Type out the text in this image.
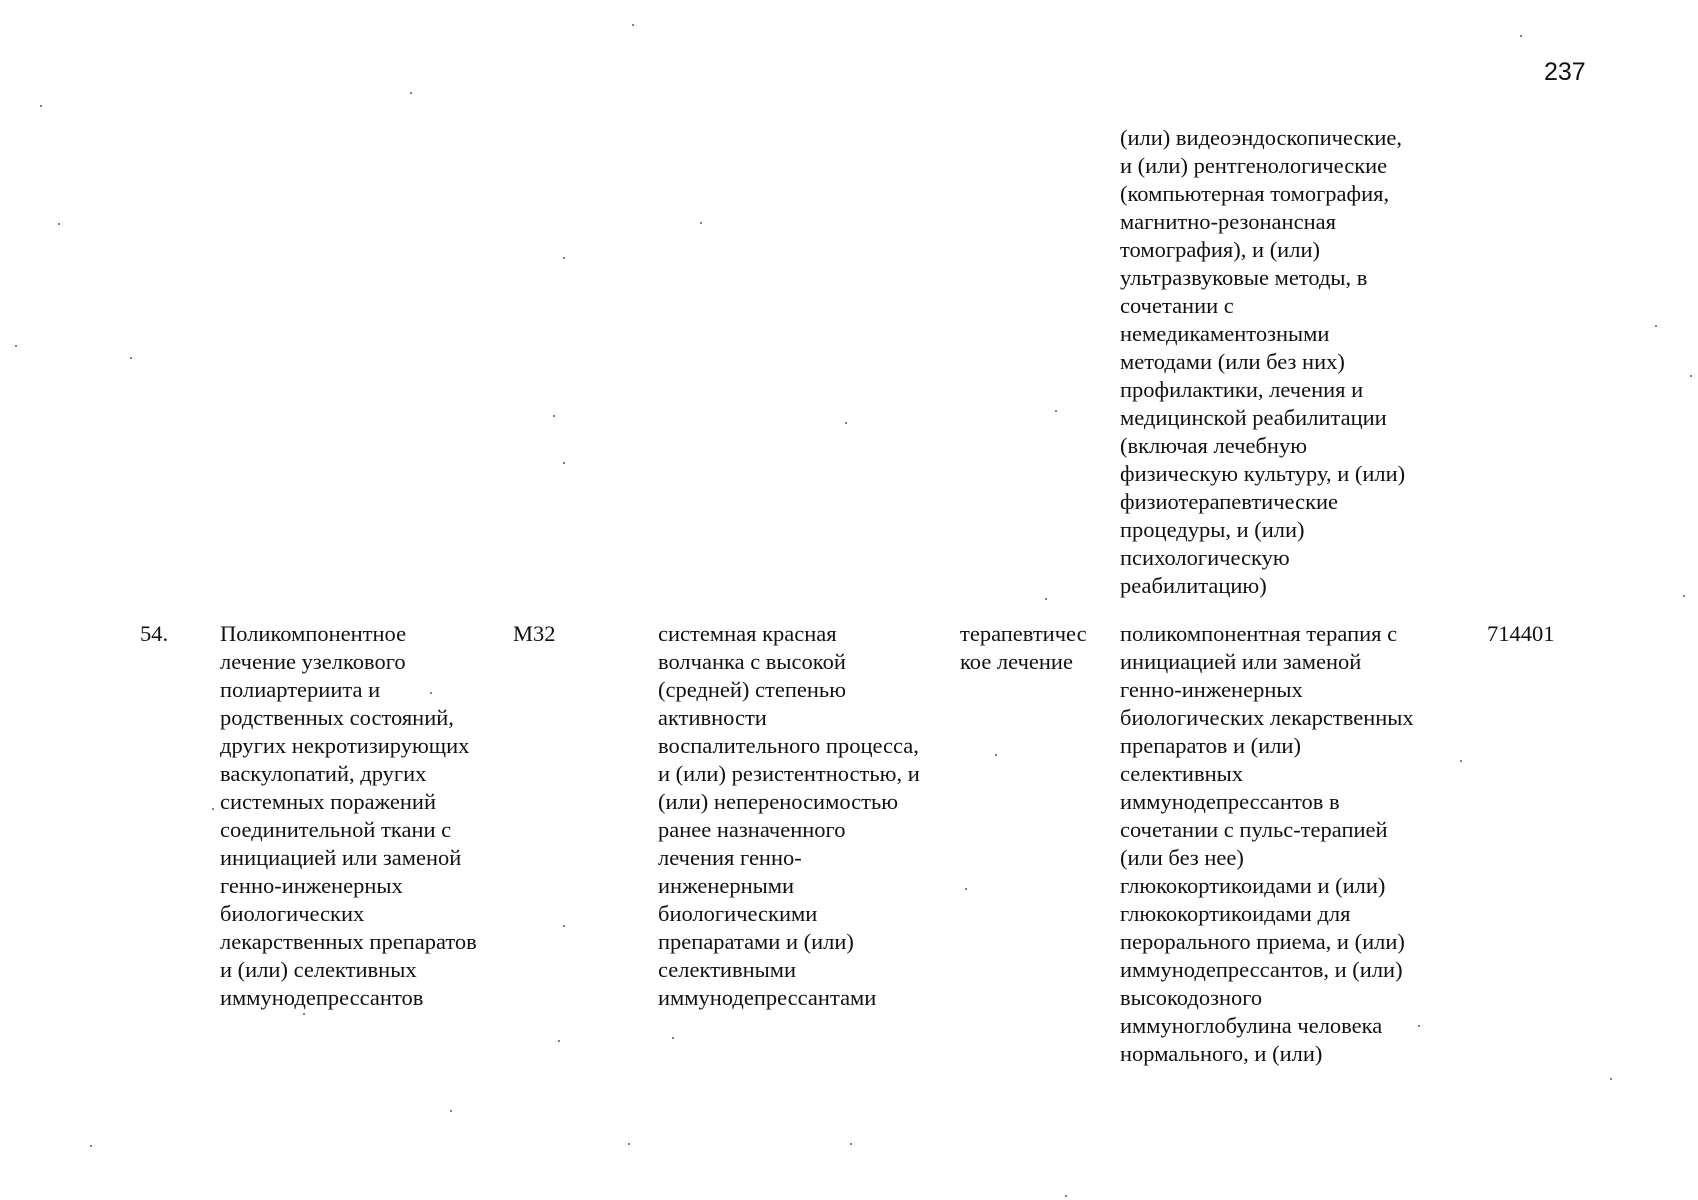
237
(или) видеоэндоскопические,
и (или) рентгенологические
(компьютерная томография,
магнитно-резонансная
томография), и (или)
ультразвуковые методы, в
сочетании с
немедикаментозными
методами (или без них)
профилактики, лечения и
медицинской реабилитации
(включая лечебную
физическую культуру, и (или)
физиотерапевтические
процедуры, и (или)
психологическую
реабилитацию)
54.	Поликомпонентное
лечение узелкового
полиартериита и
родственных состояний,
других некротизирующих
васкулопатий, других
системных поражений
соединительной ткани с
инициацией или заменой
генно-инженерных
биологических
лекарственных препаратов
и (или) селективных
иммунодепрессантов
М32	системная красная
волчанка с высокой
(средней) степенью
активности
воспалительного процесса,
и (или) резистентностью, и
(или) непереносимостью
ранее назначенного
лечения генно-
инженерными
биологическими
препаратами и (или)
селективными
иммунодепрессантами
терапевтичес
кое лечение
поликомпонентная терапия с
инициацией или заменой
генно-инженерных
биологических лекарственных
препаратов и (или)
селективных
иммунодепрессантов в
сочетании с пульс-терапией
(или без нее)
глюкокортикоидами и (или)
глюкокортикоидами для
перорального приема, и (или)
иммунодепрессантов, и (или)
высокодозного
иммуноглобулина человека
нормального, и (или)
714401
